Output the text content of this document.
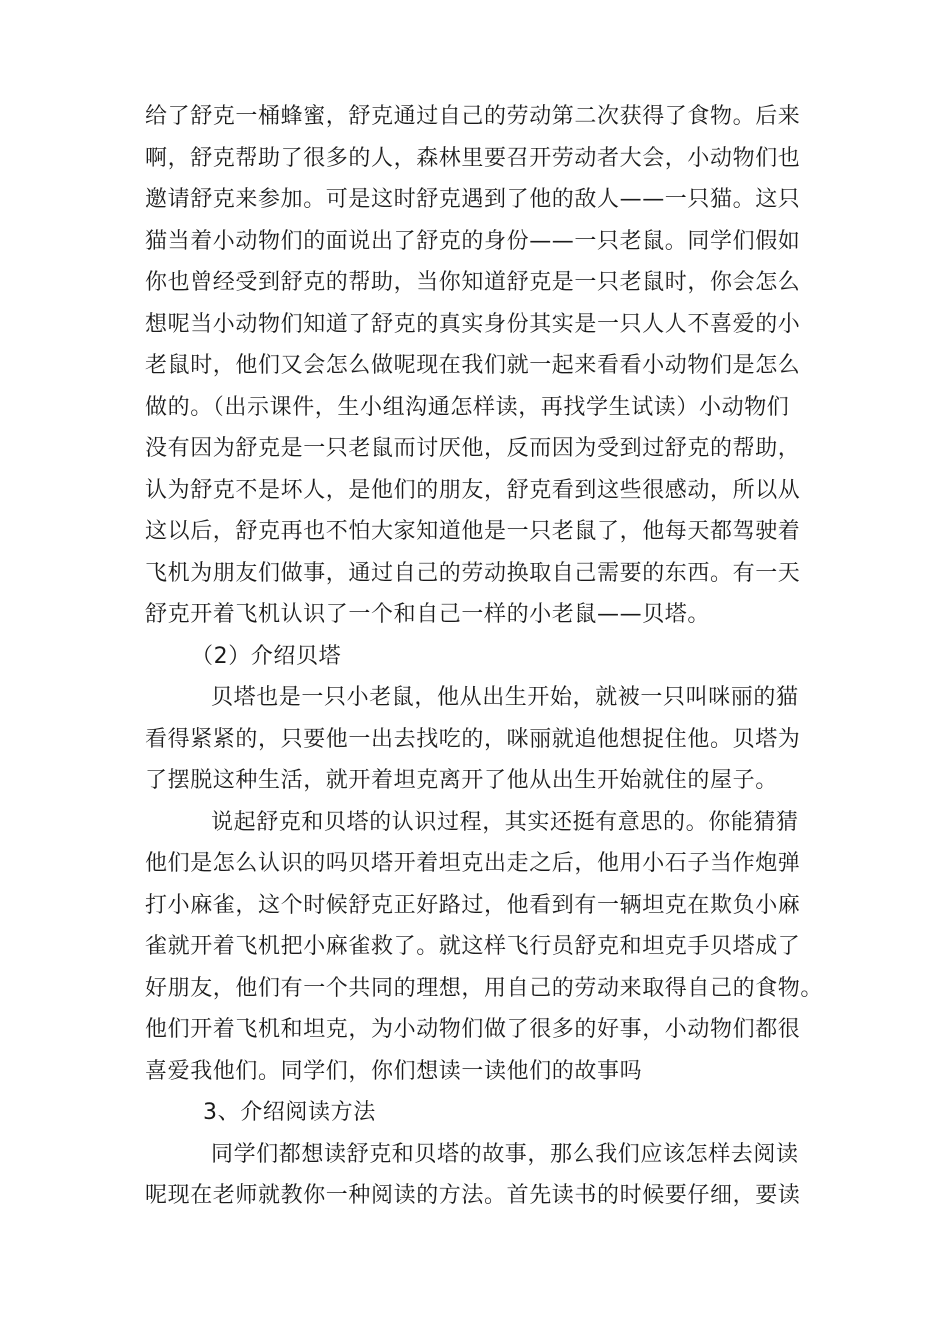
给了舒克一桶蜂蜜，舒克通过自己的劳动第二次获得了食物。后来
啊，舒克帮助了很多的人，森林里要召开劳动者大会，小动物们也
邀请舒克来参加。可是这时舒克遇到了他的敌人——一只猫。这只
猫当着小动物们的面说出了舒克的身份——一只老鼠。同学们假如
你也曾经受到舒克的帮助，当你知道舒克是一只老鼠时，你会怎么
想呢当小动物们知道了舒克的真实身份其实是一只人人不喜爱的小
老鼠时，他们又会怎么做呢现在我们就一起来看看小动物们是怎么
做的。（出示课件，生小组沟通怎样读，再找学生试读）小动物们
没有因为舒克是一只老鼠而讨厌他，反而因为受到过舒克的帮助，
认为舒克不是坏人，是他们的朋友，舒克看到这些很感动，所以从
这以后，舒克再也不怕大家知道他是一只老鼠了，他每天都驾驶着
飞机为朋友们做事，通过自己的劳动换取自己需要的东西。有一天
舒克开着飞机认识了一个和自己一样的小老鼠——贝塔。
（2）介绍贝塔
贝塔也是一只小老鼠，他从出生开始，就被一只叫咪丽的猫
看得紧紧的，只要他一出去找吃的，咪丽就追他想捉住他。贝塔为
了摆脱这种生活，就开着坦克离开了他从出生开始就住的屋子。
说起舒克和贝塔的认识过程，其实还挺有意思的。你能猜猜
他们是怎么认识的吗贝塔开着坦克出走之后，他用小石子当作炮弹
打小麻雀，这个时候舒克正好路过，他看到有一辆坦克在欺负小麻
雀就开着飞机把小麻雀救了。就这样飞行员舒克和坦克手贝塔成了
好朋友，他们有一个共同的理想，用自己的劳动来取得自己的食物。
他们开着飞机和坦克，为小动物们做了很多的好事，小动物们都很
喜爱我他们。同学们，你们想读一读他们的故事吗
3、介绍阅读方法
同学们都想读舒克和贝塔的故事，那么我们应该怎样去阅读
呢现在老师就教你一种阅读的方法。首先读书的时候要仔细，要读
